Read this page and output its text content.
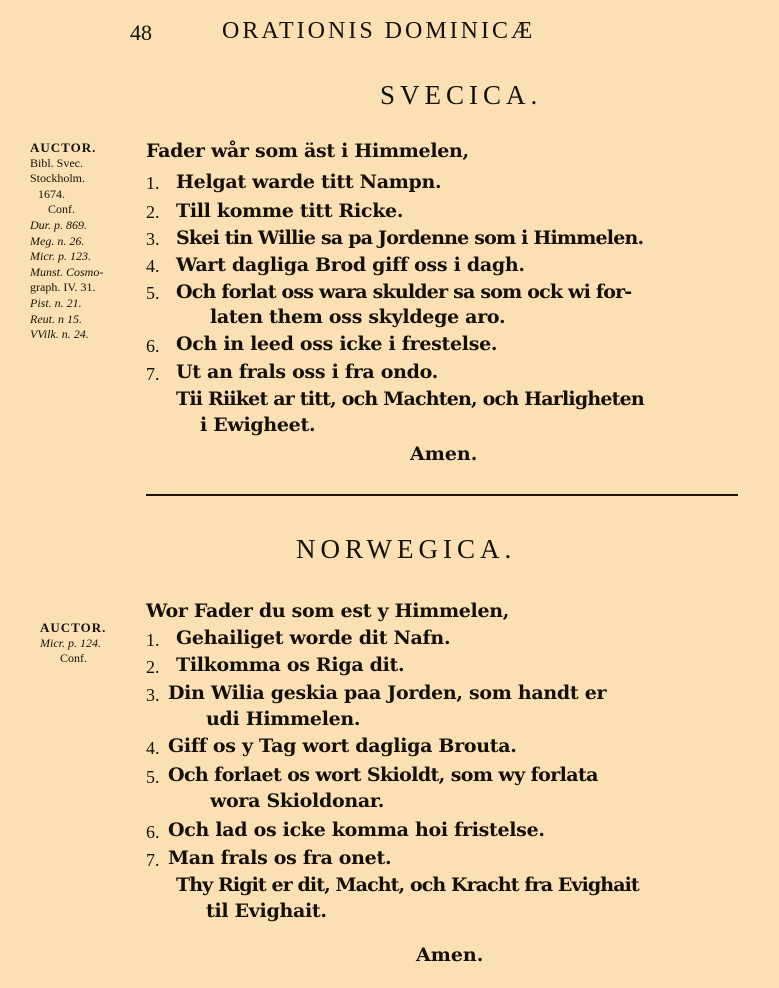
48	ORATIONIS DOMINICÆ
SVECICA.
AUCTOR.
Bibl. Svec.
Stockholm.
1674.
Conf.
Dur. p. 869.
Meg. n. 26.
Micr. p. 123.
Munst. Cosmo-
graph. IV. 31.
Pist. n. 21.
Reut. n 15.
VVilk. n. 24.
Fader wår som äst i Himmelen,
1. Helgat warde titt Nampn.
2. Till komme titt Ricke.
3. Skei tin Willie sa pa Jordenne som i Himmelen.
4. Wart dagliga Brod giff oss i dagh.
5. Och forlat oss wara skulder sa som ock wi for-
laten them oss skyldege aro.
6. Och in leed oss icke i frestelse.
7. Ut an frals oss i fra ondo.
Tii Riiket ar titt, och Machten, och Harligheten
i Ewigheet.
Amen.
NORWEGICA.
AUCTOR.
Micr. p. 124.
Conf.
Wor Fader du som est y Himmelen,
1. Gehailiget worde dit Nafn.
2. Tilkomma os Riga dit.
3. Din Wilia geskia paa Jorden, som handt er
udi Himmelen.
4. Giff os y Tag wort dagliga Brouta.
5. Och forlaet os wort Skioldt, som wy forlata
wora Skioldonar.
6. Och lad os icke komma hoi fristelse.
7. Man frals os fra onet.
Thy Rigit er dit, Macht, och Kracht fra Evighait
til Evighait.
Amen.
